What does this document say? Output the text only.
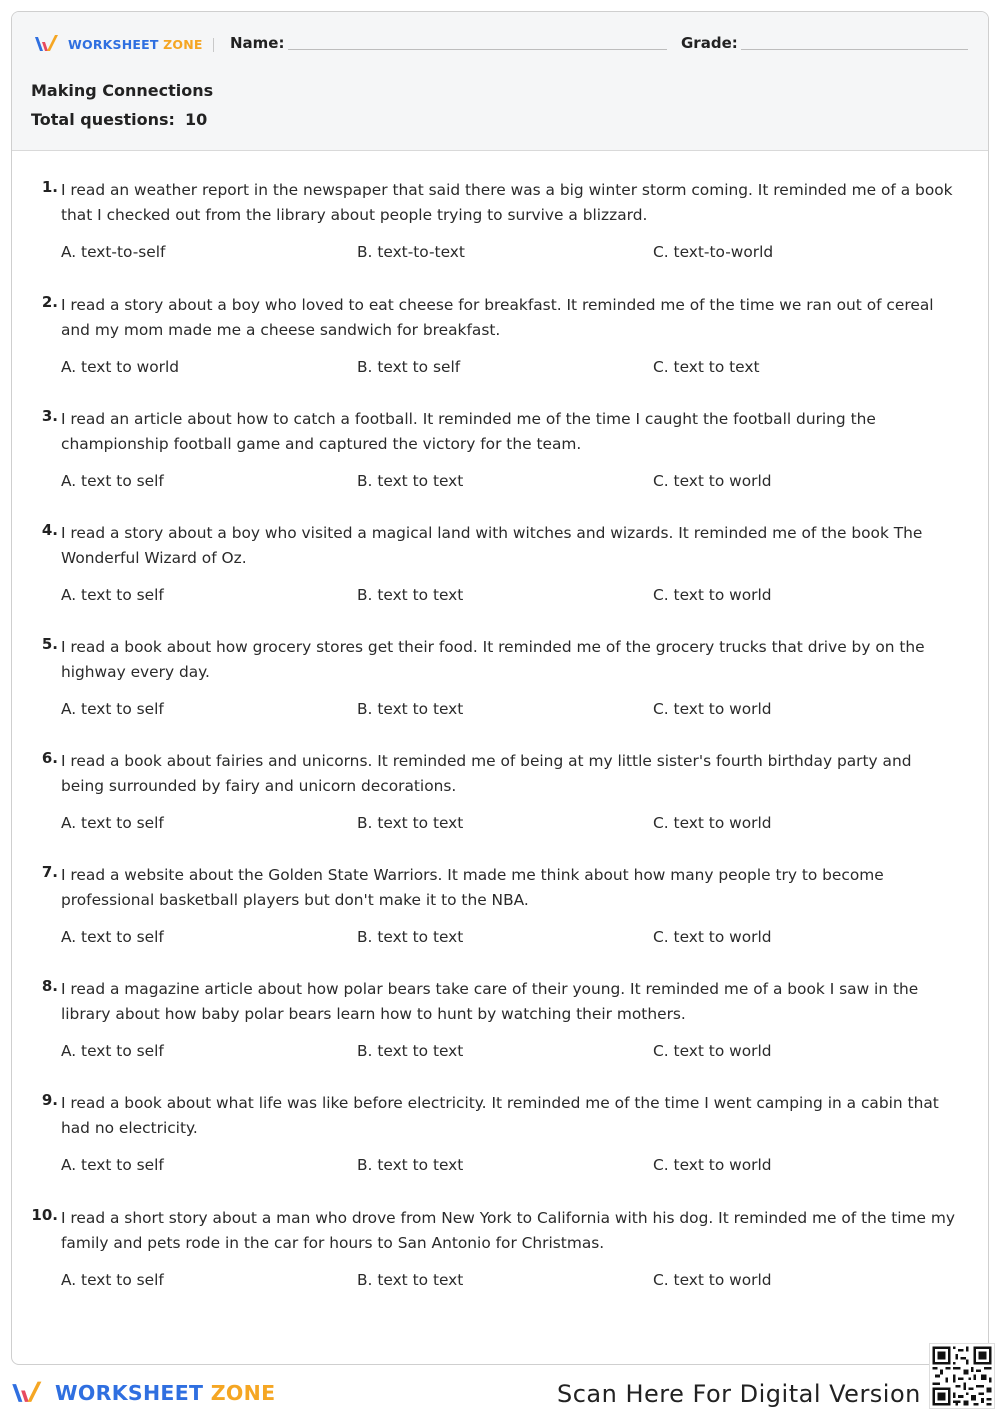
WORKSHEET ZONE Name:	Grade:
Making Connections
Total questions: 10
1. I read an weather report in the newspaper that said there was a big winter storm coming. It reminded me of a book that I checked out from the library about people trying to survive a blizzard.
A. text-to-self	B. text-to-text	C. text-to-world
2. I read a story about a boy who loved to eat cheese for breakfast. It reminded me of the time we ran out of cereal and my mom made me a cheese sandwich for breakfast.
A. text to world	B. text to self	C. text to text
3. I read an article about how to catch a football. It reminded me of the time I caught the football during the championship football game and captured the victory for the team.
A. text to self	B. text to text	C. text to world
4. I read a story about a boy who visited a magical land with witches and wizards. It reminded me of the book The Wonderful Wizard of Oz.
A. text to self	B. text to text	C. text to world
5. I read a book about how grocery stores get their food. It reminded me of the grocery trucks that drive by on the highway every day.
A. text to self	B. text to text	C. text to world
6. I read a book about fairies and unicorns. It reminded me of being at my little sister's fourth birthday party and being surrounded by fairy and unicorn decorations.
A. text to self	B. text to text	C. text to world
7. I read a website about the Golden State Warriors. It made me think about how many people try to become professional basketball players but don't make it to the NBA.
A. text to self	B. text to text	C. text to world
8. I read a magazine article about how polar bears take care of their young. It reminded me of a book I saw in the library about how baby polar bears learn how to hunt by watching their mothers.
A. text to self	B. text to text	C. text to world
9. I read a book about what life was like before electricity. It reminded me of the time I went camping in a cabin that had no electricity.
A. text to self	B. text to text	C. text to world
10. I read a short story about a man who drove from New York to California with his dog. It reminded me of the time my family and pets rode in the car for hours to San Antonio for Christmas.
A. text to self	B. text to text	C. text to world
WORKSHEET ZONE	Scan Here For Digital Version
